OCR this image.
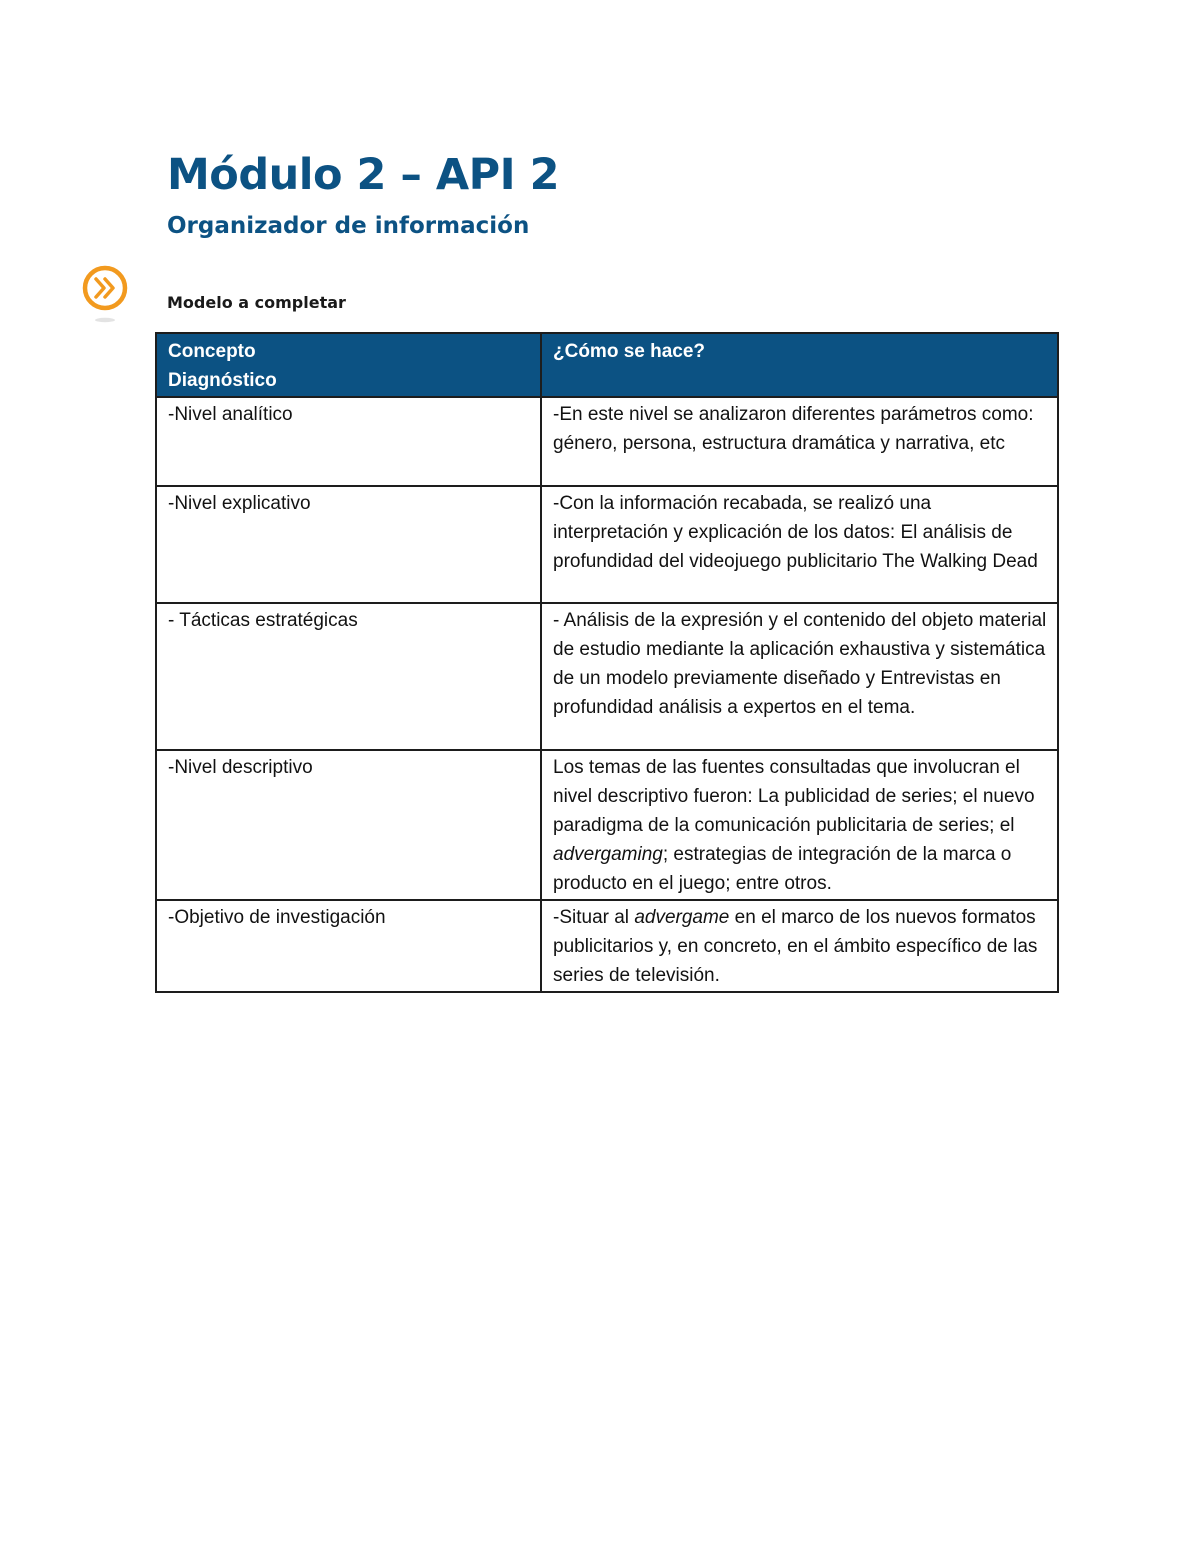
Módulo 2 – API 2
Organizador de información

Modelo a completar

Concepto
Diagnóstico	¿Cómo se hace?
-Nivel analítico	-En este nivel se analizaron diferentes parámetros como: género, persona, estructura dramática y narrativa, etc
-Nivel explicativo	-Con la información recabada, se realizó una interpretación y explicación de los datos: El análisis de profundidad del videojuego publicitario The Walking Dead
- Tácticas estratégicas	- Análisis de la expresión y el contenido del objeto material de estudio mediante la aplicación exhaustiva y sistemática de un modelo previamente diseñado y Entrevistas en profundidad análisis a expertos en el tema.
-Nivel descriptivo	Los temas de las fuentes consultadas que involucran el nivel descriptivo fueron: La publicidad de series; el nuevo paradigma de la comunicación publicitaria de series; el advergaming; estrategias de integración de la marca o producto en el juego; entre otros.
-Objetivo de investigación	-Situar al advergame en el marco de los nuevos formatos publicitarios y, en concreto, en el ámbito específico de las series de televisión.
